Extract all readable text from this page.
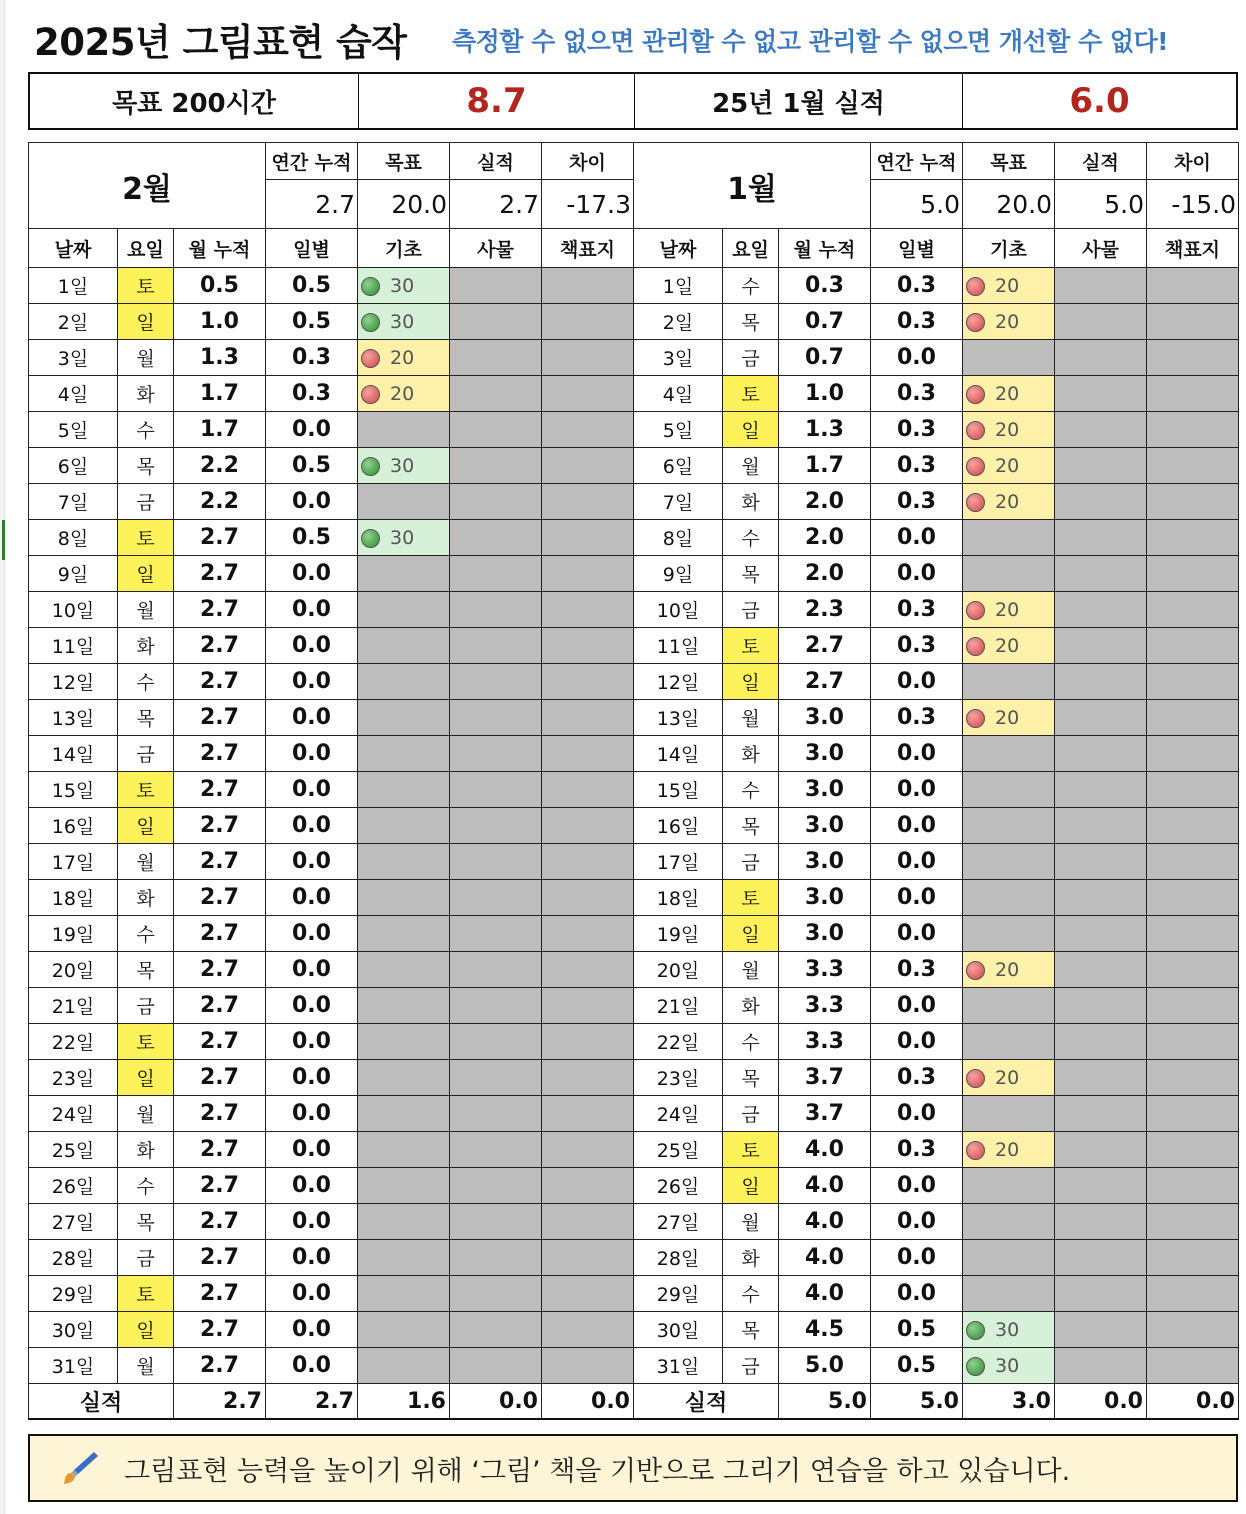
2025년 그림표현 습작 측정할 수 없으면 관리할 수 없고 관리할 수 없으면 개선할 수 없다!
목표 200시간	8.7	25년 1월 실적	6.0
2월			연간 누적	목표	실적	차이
			2.7	20.0	2.7	-17.3
날짜	요일	월 누적	일별	기초	사물	책표지
1일	토	0.5	0.5	30		
2일	일	1.0	0.5	30		
3일	월	1.3	0.3	20		
4일	화	1.7	0.3	20		
5일	수	1.7	0.0			
6일	목	2.2	0.5	30		
7일	금	2.2	0.0			
8일	토	2.7	0.5	30		
9일	일	2.7	0.0			
10일	월	2.7	0.0			
11일	화	2.7	0.0			
12일	수	2.7	0.0			
13일	목	2.7	0.0			
14일	금	2.7	0.0			
15일	토	2.7	0.0			
16일	일	2.7	0.0			
17일	월	2.7	0.0			
18일	화	2.7	0.0			
19일	수	2.7	0.0			
20일	목	2.7	0.0			
21일	금	2.7	0.0			
22일	토	2.7	0.0			
23일	일	2.7	0.0			
24일	월	2.7	0.0			
25일	화	2.7	0.0			
26일	수	2.7	0.0			
27일	목	2.7	0.0			
28일	금	2.7	0.0			
29일	토	2.7	0.0			
30일	일	2.7	0.0			
31일	월	2.7	0.0			
실적		2.7	2.7	1.6	0.0	0.0
1월			연간 누적	목표	실적	차이
			5.0	20.0	5.0	-15.0
날짜	요일	월 누적	일별	기초	사물	책표지
1일	수	0.3	0.3	20		
2일	목	0.7	0.3	20		
3일	금	0.7	0.0			
4일	토	1.0	0.3	20		
5일	일	1.3	0.3	20		
6일	월	1.7	0.3	20		
7일	화	2.0	0.3	20		
8일	수	2.0	0.0			
9일	목	2.0	0.0			
10일	금	2.3	0.3	20		
11일	토	2.7	0.3	20		
12일	일	2.7	0.0			
13일	월	3.0	0.3	20		
14일	화	3.0	0.0			
15일	수	3.0	0.0			
16일	목	3.0	0.0			
17일	금	3.0	0.0			
18일	토	3.0	0.0			
19일	일	3.0	0.0			
20일	월	3.3	0.3	20		
21일	화	3.3	0.0			
22일	수	3.3	0.0			
23일	목	3.7	0.3	20		
24일	금	3.7	0.0			
25일	토	4.0	0.3	20		
26일	일	4.0	0.0			
27일	월	4.0	0.0			
28일	화	4.0	0.0			
29일	수	4.0	0.0			
30일	목	4.5	0.5	30		
31일	금	5.0	0.5	30		
실적		5.0	5.0	3.0	0.0	0.0
그림표현 능력을 높이기 위해 ‘그림’ 책을 기반으로 그리기 연습을 하고 있습니다.
